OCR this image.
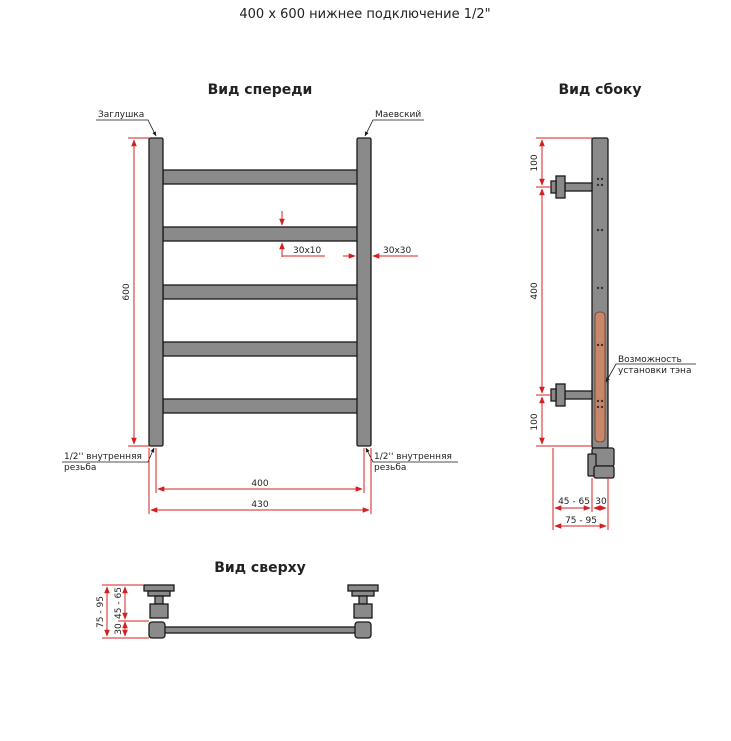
400 x 600 нижнее подключение 1/2"
Вид спереди
Заглушка	Маевский
1/2'' внутренняя
резьба
1/2'' внутренняя
резьба
600
30x10	30x30
400
430
Вид сбоку
Возможность
установки тэна
100
400
100
45 - 65 30
75 - 95
Вид сверху
75 - 95 45 - 65
30
